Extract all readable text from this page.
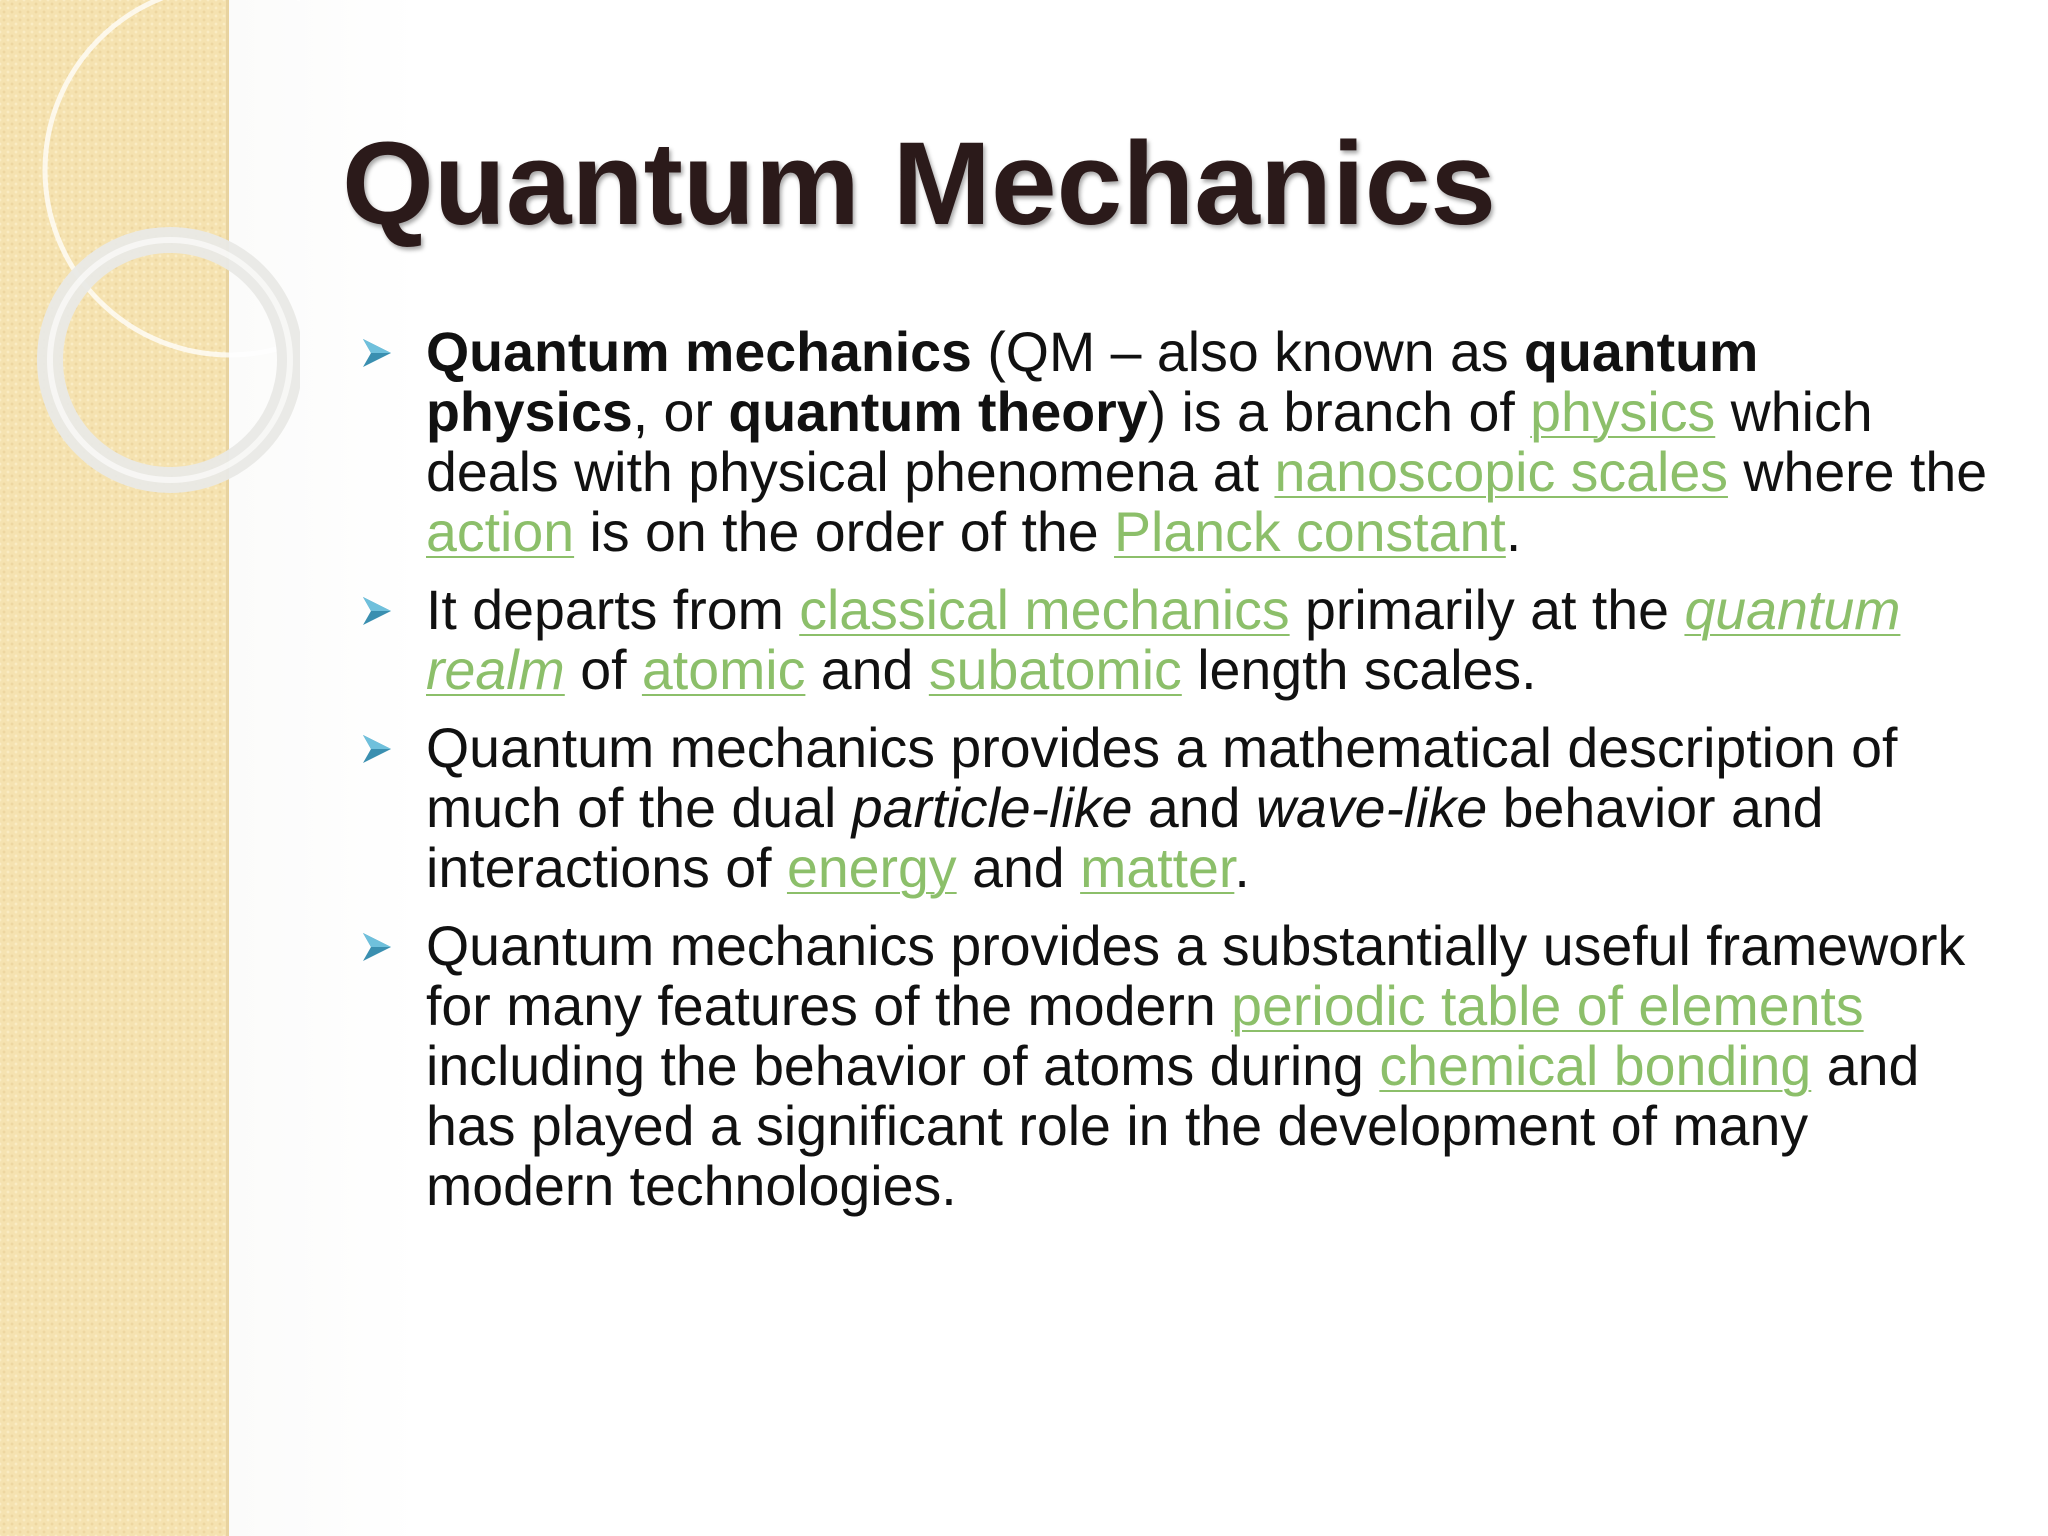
Quantum Mechanics
Quantum mechanics (QM – also known as quantum physics, or quantum theory) is a branch of physics which deals with physical phenomena at nanoscopic scales where the action is on the order of the Planck constant.
It departs from classical mechanics primarily at the quantum realm of atomic and subatomic length scales.
Quantum mechanics provides a mathematical description of much of the dual particle-like and wave-like behavior and interactions of energy and matter.
Quantum mechanics provides a substantially useful framework for many features of the modern periodic table of elements including the behavior of atoms during chemical bonding and has played a significant role in the development of many modern technologies.
